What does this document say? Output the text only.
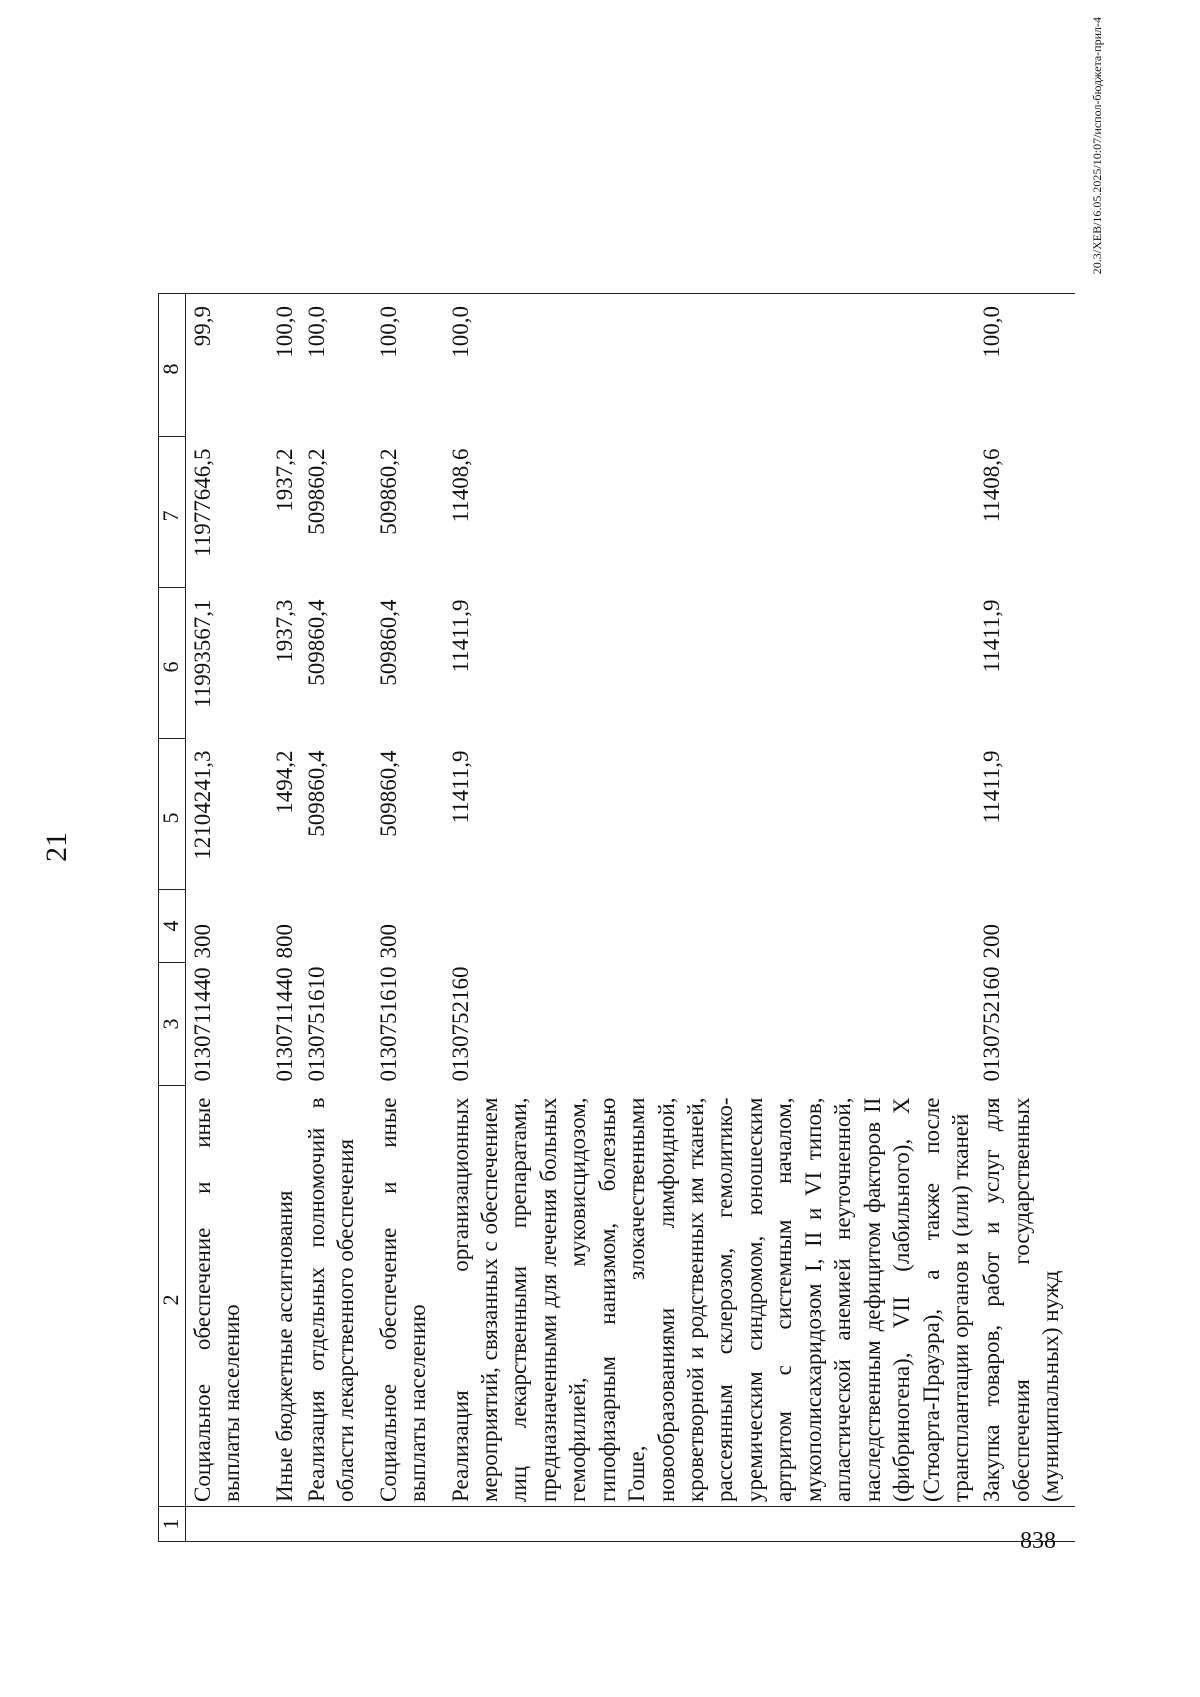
21
1	2	3	4	5	6	7	8
	Социальное обеспечение и иные выплаты населению	0130711440	300	12104241,3	11993567,1	11977646,5	99,9
	Иные бюджетные ассигнования	0130711440	800	1494,2	1937,3	1937,2	100,0
	Реализация отдельных полномочий в области лекарственного обеспечения	0130751610		509860,4	509860,4	509860,2	100,0
	Социальное обеспечение и иные выплаты населению	0130751610	300	509860,4	509860,4	509860,2	100,0
	Реализация организационных мероприятий, связанных с обеспечением лиц лекарственными препаратами, предназначенными для лечения больных гемофилией, муковисцидозом, гипофизарным нанизмом, болезнью Гоше, злокачественными новообразованиями лимфоидной, кроветворной и родственных им тканей, рассеянным склерозом, гемолитико-уремическим синдромом, юношеским артритом с системным началом, мукополисахаридозом I, II и VI типов, апластической анемией неуточненной, наследственным дефицитом факторов II (фибриногена), VII (лабильного), X (Стюарта-Прауэра), а также после трансплантации органов и (или) тканей	0130752160		11411,9	11411,9	11408,6	100,0
	Закупка товаров, работ и услуг для обеспечения государственных (муниципальных) нужд	0130752160	200	11411,9	11411,9	11408,6	100,0
20.3/ХЕВ/16.05.2025/10:07/испол-бюджета-прил-4
838
